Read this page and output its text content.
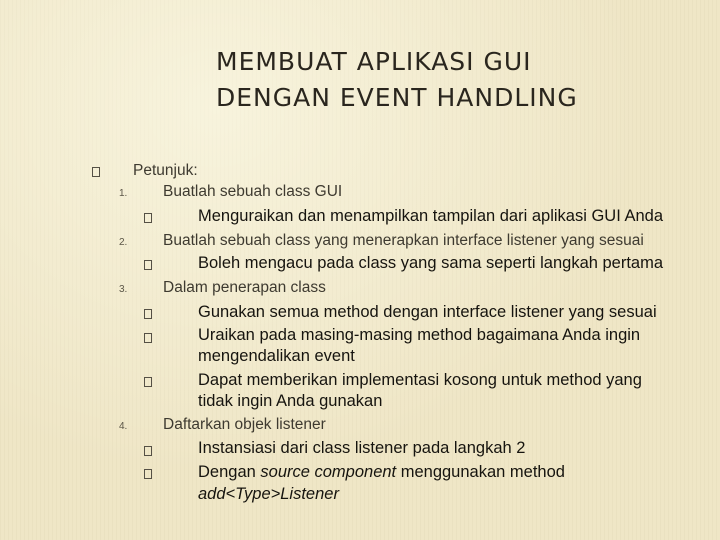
MEMBUAT APLIKASI GUI
DENGAN EVENT HANDLING
Petunjuk:
1. Buatlah sebuah class GUI
Menguraikan dan menampilkan tampilan dari aplikasi GUI Anda
2. Buatlah sebuah class yang menerapkan interface listener yang sesuai
Boleh mengacu pada class yang sama seperti langkah pertama
3. Dalam penerapan class
Gunakan semua method dengan interface listener yang sesuai
Uraikan pada masing-masing method bagaimana Anda ingin
mengendalikan event
Dapat memberikan implementasi kosong untuk method yang
tidak ingin Anda gunakan
4. Daftarkan objek listener
Instansiasi dari class listener pada langkah 2
Dengan source component menggunakan method
add<Type>Listener
